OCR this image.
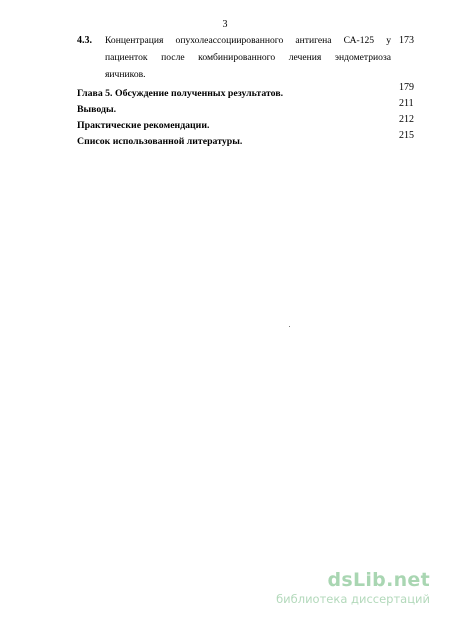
3
4.3. Концентрация опухолеассоциированного антигена СА-125 у
пациенток после комбинированного лечения эндометриоза
яичников.
173
Глава 5. Обсуждение полученных результатов.
179
Выводы.
211
Практические рекомендации.
212
Список использованной литературы.
215
dsLib.net
библиотека диссертаций
